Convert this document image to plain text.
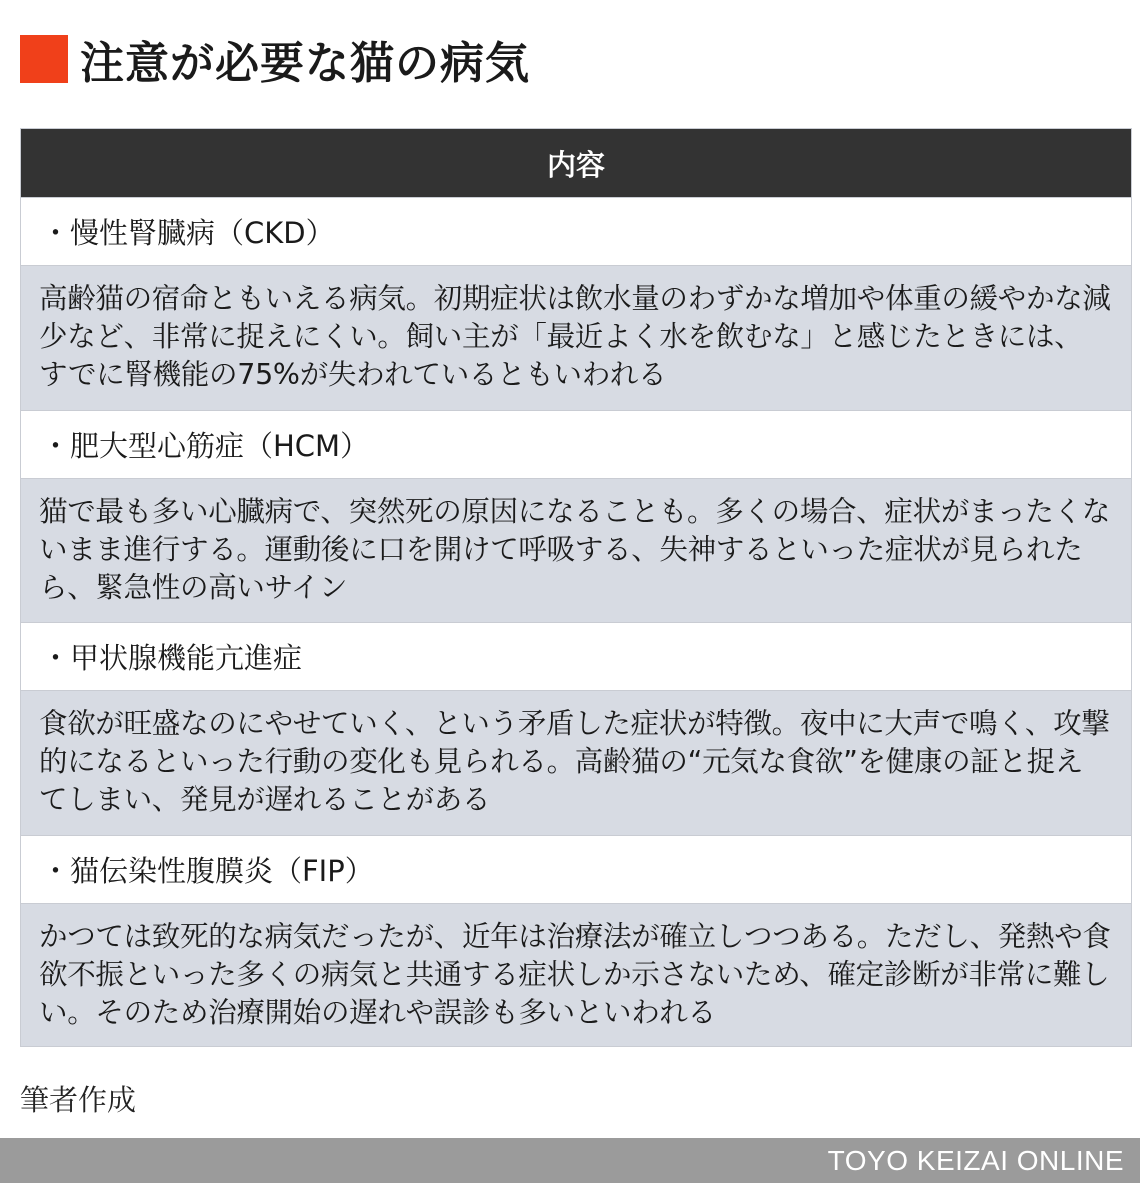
注意が必要な猫の病気
内容
・慢性腎臓病（CKD）
高齢猫の宿命ともいえる病気。初期症状は飲水量のわずかな増加や体重の緩やかな減少など、非常に捉えにくい。飼い主が「最近よく水を飲むな」と感じたときには、すでに腎機能の75%が失われているともいわれる
・肥大型心筋症（HCM）
猫で最も多い心臓病で、突然死の原因になることも。多くの場合、症状がまったくないまま進行する。運動後に口を開けて呼吸する、失神するといった症状が見られたら、緊急性の高いサイン
・甲状腺機能亢進症
食欲が旺盛なのにやせていく、という矛盾した症状が特徴。夜中に大声で鳴く、攻撃的になるといった行動の変化も見られる。高齢猫の“元気な食欲”を健康の証と捉えてしまい、発見が遅れることがある
・猫伝染性腹膜炎（FIP）
かつては致死的な病気だったが、近年は治療法が確立しつつある。ただし、発熱や食欲不振といった多くの病気と共通する症状しか示さないため、確定診断が非常に難しい。そのため治療開始の遅れや誤診も多いといわれる
筆者作成
TOYO KEIZAI ONLINE
